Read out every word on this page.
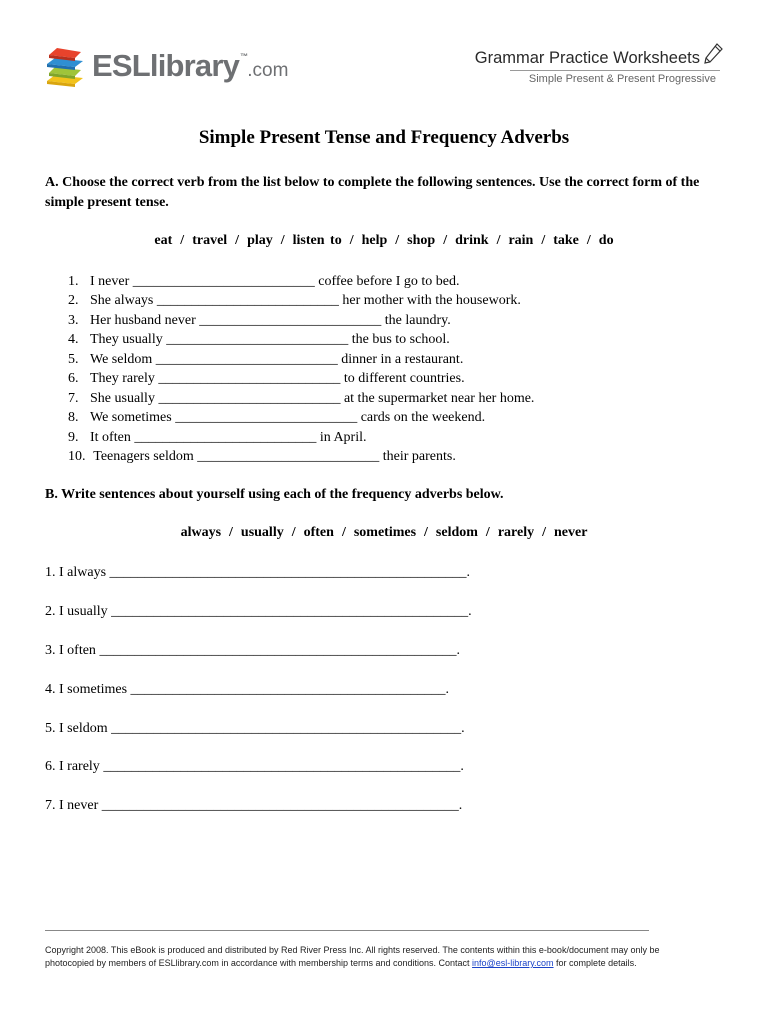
ESLlibrary™.com
Grammar Practice Worksheets
Simple Present & Present Progressive
Simple Present Tense and Frequency Adverbs
A. Choose the correct verb from the list below to complete the following sentences. Use the correct form of the simple present tense.
eat / travel / play / listen to / help / shop / drink / rain / take / do
1. I never __________________________ coffee before I go to bed.
2. She always __________________________ her mother with the housework.
3. Her husband never __________________________ the laundry.
4. They usually __________________________ the bus to school.
5. We seldom __________________________ dinner in a restaurant.
6. They rarely __________________________ to different countries.
7. She usually __________________________ at the supermarket near her home.
8. We sometimes __________________________ cards on the weekend.
9. It often __________________________ in April.
10. Teenagers seldom __________________________ their parents.
B. Write sentences about yourself using each of the frequency adverbs below.
always / usually / often / sometimes / seldom / rarely / never
1. I always ___________________________________________________.
2. I usually ___________________________________________________.
3. I often ___________________________________________________.
4. I sometimes _____________________________________________.
5. I seldom __________________________________________________.
6. I rarely ___________________________________________________.
7. I never ___________________________________________________.
Copyright 2008. This eBook is produced and distributed by Red River Press Inc. All rights reserved. The contents within this e-book/document may only be photocopied by members of ESLlibrary.com in accordance with membership terms and conditions. Contact info@esl-library.com for complete details.
